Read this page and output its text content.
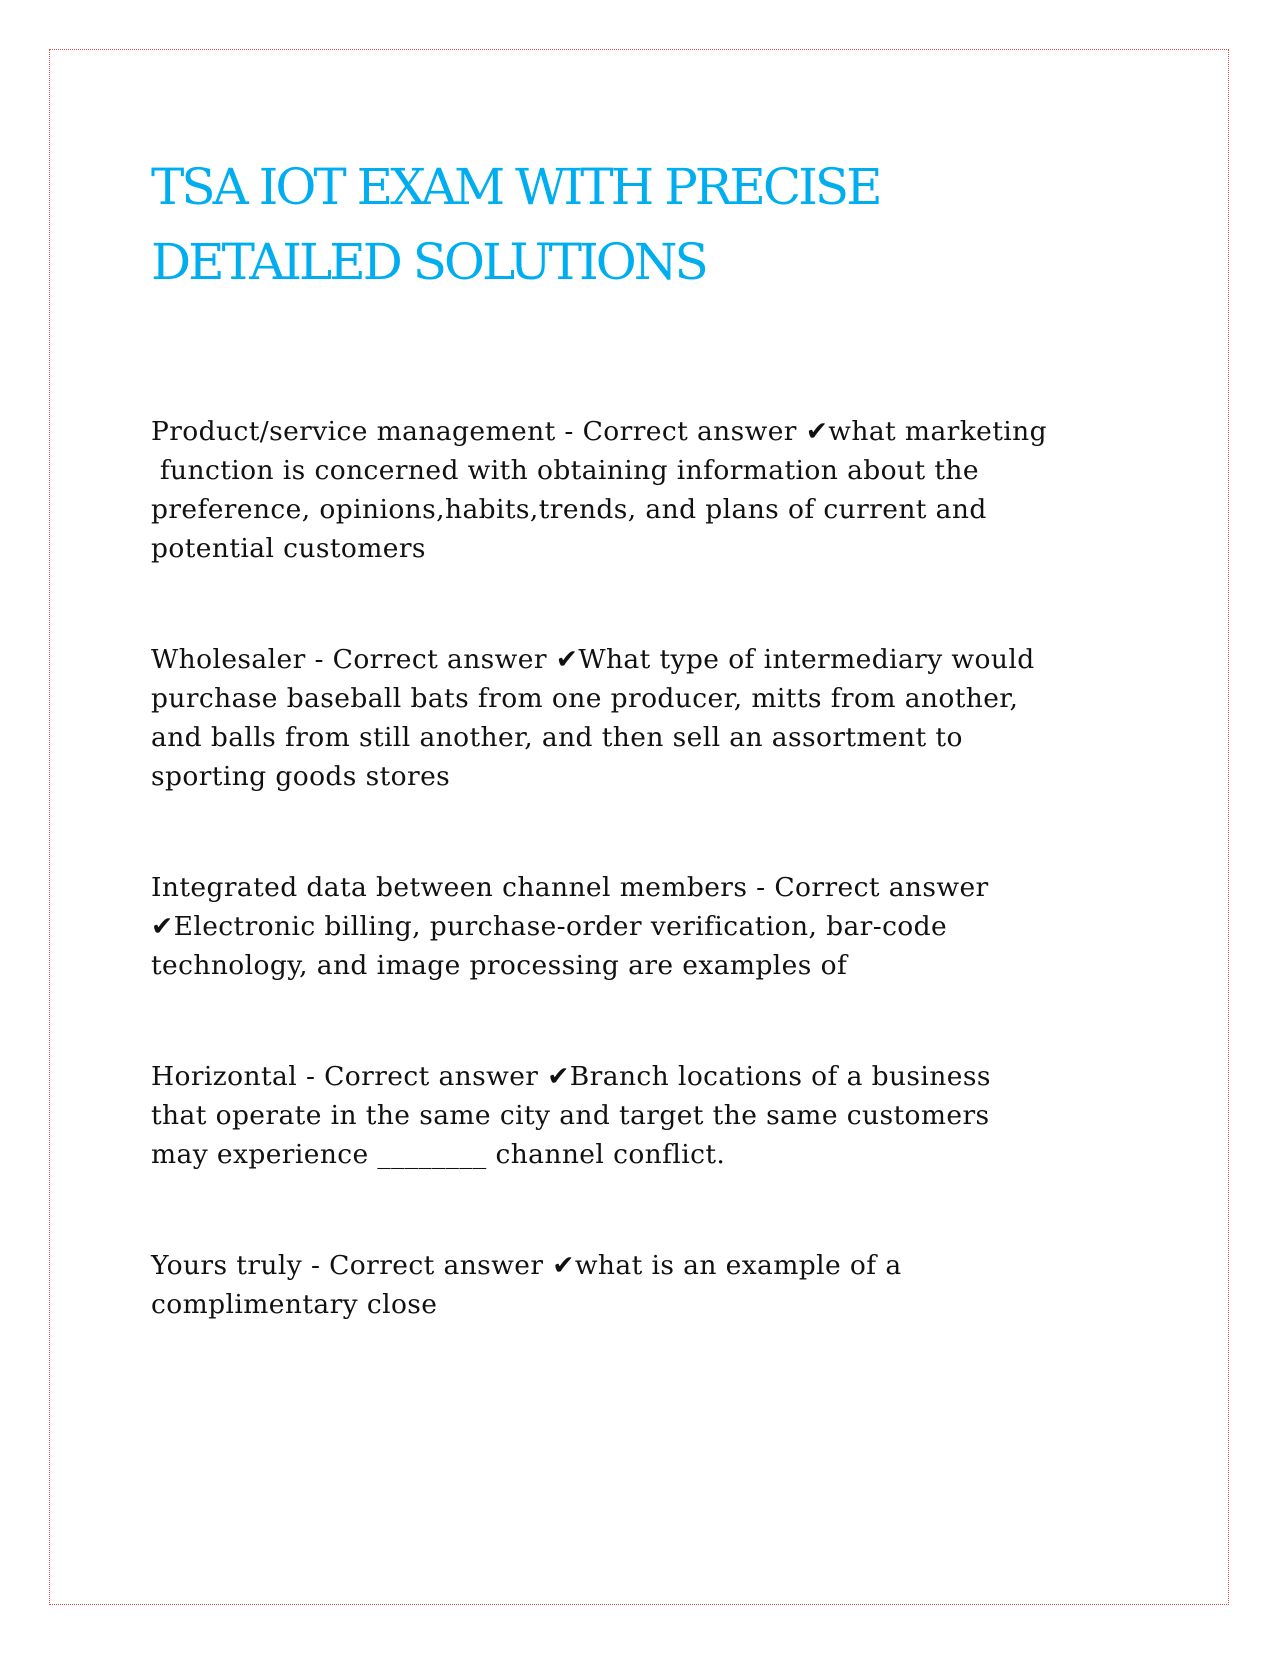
TSA IOT EXAM WITH PRECISE
DETAILED SOLUTIONS
Product/service management - Correct answer ✔what marketing
function is concerned with obtaining information about the
preference, opinions,habits,trends, and plans of current and
potential customers
Wholesaler - Correct answer ✔What type of intermediary would
purchase baseball bats from one producer, mitts from another,
and balls from still another, and then sell an assortment to
sporting goods stores
Integrated data between channel members - Correct answer
✔Electronic billing, purchase-order verification, bar-code
technology, and image processing are examples of
Horizontal - Correct answer ✔Branch locations of a business
that operate in the same city and target the same customers
may experience ________ channel conflict.
Yours truly - Correct answer ✔what is an example of a
complimentary close
